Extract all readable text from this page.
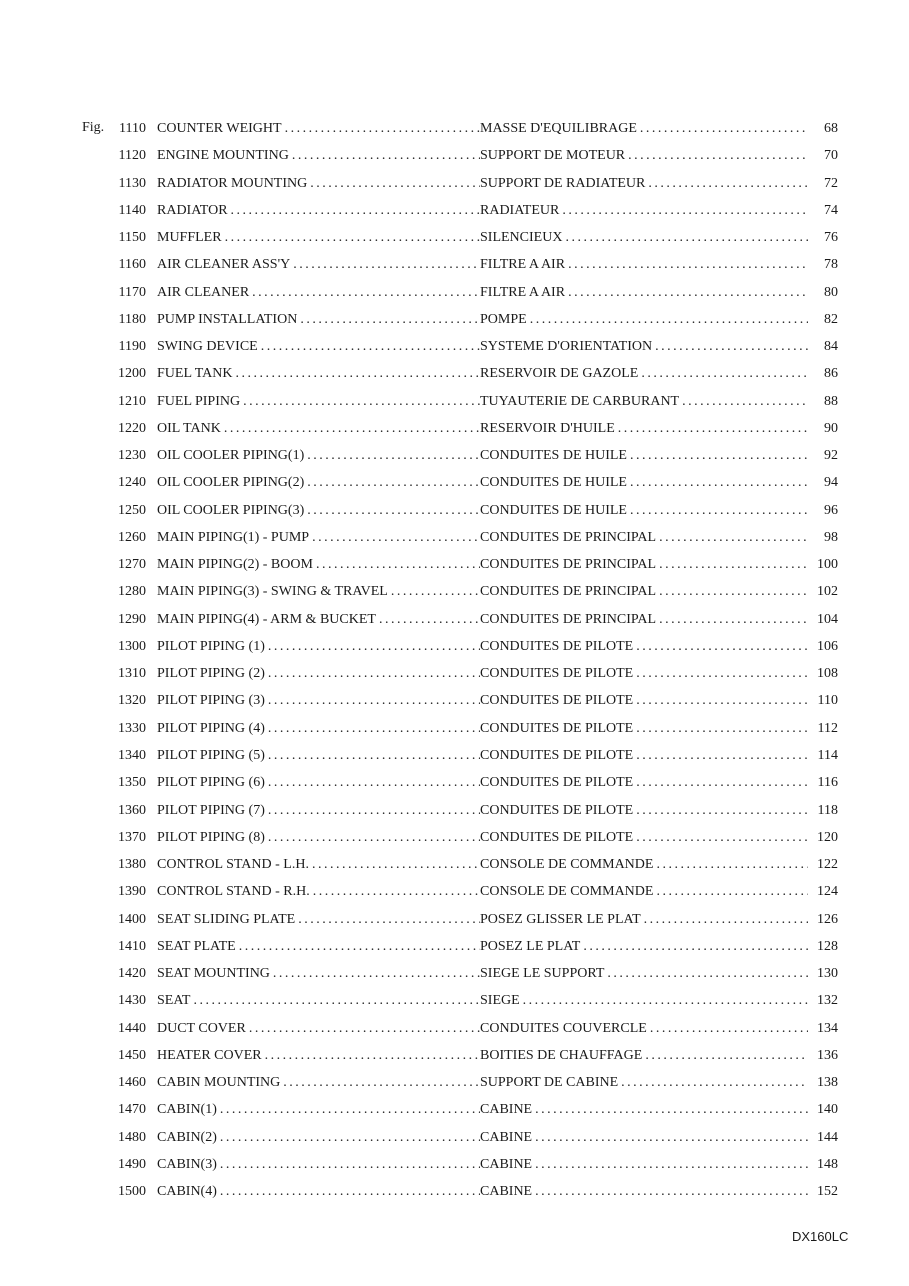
Fig.	1110 COUNTER WEIGHT . . .	MASSE D'EQUILIBRAGE . . .	68
1120 ENGINE MOUNTING . . .	SUPPORT DE MOTEUR . . .	70
1130 RADIATOR MOUNTING . . .	SUPPORT DE RADIATEUR . . .	72
1140 RADIATOR . . .	RADIATEUR . . .	74
1150 MUFFLER . . .	SILENCIEUX . . .	76
1160 AIR CLEANER ASS'Y . . .	FILTRE A AIR . . .	78
1170 AIR CLEANER . . .	FILTRE A AIR . . .	80
1180 PUMP INSTALLATION . . .	POMPE . . .	82
1190 SWING DEVICE . . .	SYSTEME D'ORIENTATION . . .	84
1200 FUEL TANK . . .	RESERVOIR DE GAZOLE . . .	86
1210 FUEL PIPING . . .	TUYAUTERIE DE CARBURANT . . .	88
1220 OIL TANK . . .	RESERVOIR D'HUILE . . .	90
1230 OIL COOLER PIPING(1) . . .	CONDUITES DE HUILE . . .	92
1240 OIL COOLER PIPING(2) . . .	CONDUITES DE HUILE . . .	94
1250 OIL COOLER PIPING(3) . . .	CONDUITES DE HUILE . . .	96
1260 MAIN PIPING(1) - PUMP . . .	CONDUITES DE PRINCIPAL . . .	98
1270 MAIN PIPING(2) - BOOM . . .	CONDUITES DE PRINCIPAL . . .	100
1280 MAIN PIPING(3) - SWING & TRAVEL . . .	CONDUITES DE PRINCIPAL . . .	102
1290 MAIN PIPING(4) - ARM & BUCKET . . .	CONDUITES DE PRINCIPAL . . .	104
1300 PILOT PIPING (1) . . .	CONDUITES DE PILOTE . . .	106
1310 PILOT PIPING (2) . . .	CONDUITES DE PILOTE . . .	108
1320 PILOT PIPING (3) . . .	CONDUITES DE PILOTE . . .	110
1330 PILOT PIPING (4) . . .	CONDUITES DE PILOTE . . .	112
1340 PILOT PIPING (5) . . .	CONDUITES DE PILOTE . . .	114
1350 PILOT PIPING (6) . . .	CONDUITES DE PILOTE . . .	116
1360 PILOT PIPING (7) . . .	CONDUITES DE PILOTE . . .	118
1370 PILOT PIPING (8) . . .	CONDUITES DE PILOTE . . .	120
1380 CONTROL STAND - L.H. . . .	CONSOLE DE COMMANDE . . .	122
1390 CONTROL STAND - R.H. . . .	CONSOLE DE COMMANDE . . .	124
1400 SEAT SLIDING PLATE . . .	POSEZ GLISSER LE PLAT . . .	126
1410 SEAT PLATE . . .	POSEZ LE PLAT . . .	128
1420 SEAT MOUNTING . . .	SIEGE LE SUPPORT . . .	130
1430 SEAT . . .	SIEGE . . .	132
1440 DUCT COVER . . .	CONDUITES COUVERCLE . . .	134
1450 HEATER COVER . . .	BOITIES DE CHAUFFAGE . . .	136
1460 CABIN MOUNTING . . .	SUPPORT DE CABINE . . .	138
1470 CABIN(1) . . .	CABINE . . .	140
1480 CABIN(2) . . .	CABINE . . .	144
1490 CABIN(3) . . .	CABINE . . .	148
1500 CABIN(4) . . .	CABINE . . .	152
DX160LC
